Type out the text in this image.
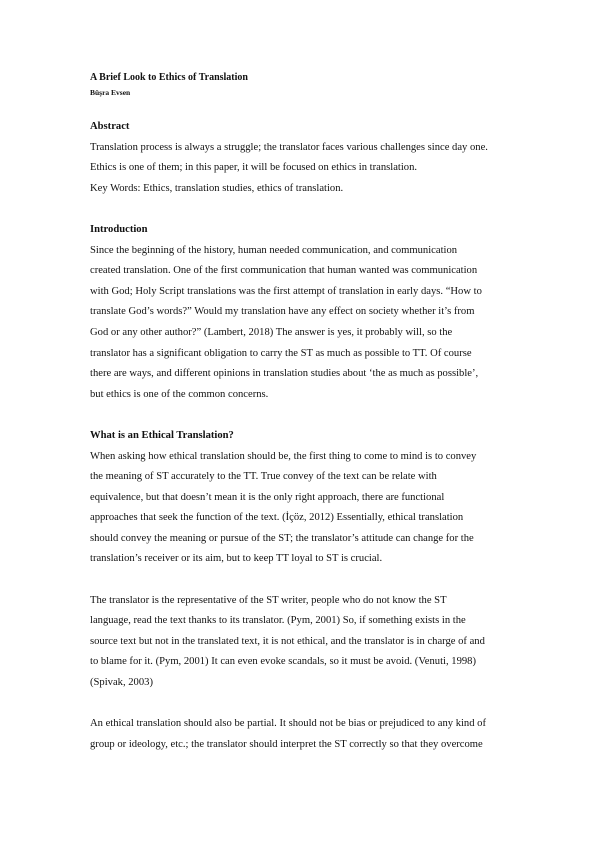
A Brief Look to Ethics of Translation

Büşra Evsen

Abstract

Translation process is always a struggle; the translator faces various challenges since day one.
Ethics is one of them; in this paper, it will be focused on ethics in translation.
Key Words: Ethics, translation studies, ethics of translation.

Introduction

Since the beginning of the history, human needed communication, and communication
created translation. One of the first communication that human wanted was communication
with God; Holy Script translations was the first attempt of translation in early days. “How to
translate God’s words?” Would my translation have any effect on society whether it’s from
God or any other author?” (Lambert, 2018) The answer is yes, it probably will, so the
translator has a significant obligation to carry the ST as much as possible to TT. Of course
there are ways, and different opinions in translation studies about ‘the as much as possible’,
but ethics is one of the common concerns.

What is an Ethical Translation?

When asking how ethical translation should be, the first thing to come to mind is to convey
the meaning of ST accurately to the TT. True convey of the text can be relate with
equivalence, but that doesn’t mean it is the only right approach, there are functional
approaches that seek the function of the text. (İçöz, 2012) Essentially, ethical translation
should convey the meaning or pursue of the ST; the translator’s attitude can change for the
translation’s receiver or its aim, but to keep TT loyal to ST is crucial.

The translator is the representative of the ST writer, people who do not know the ST
language, read the text thanks to its translator. (Pym, 2001) So, if something exists in the
source text but not in the translated text, it is not ethical, and the translator is in charge of and
to blame for it. (Pym, 2001) It can even evoke scandals, so it must be avoid. (Venuti, 1998)
(Spivak, 2003)

An ethical translation should also be partial. It should not be bias or prejudiced to any kind of
group or ideology, etc.; the translator should interpret the ST correctly so that they overcome
